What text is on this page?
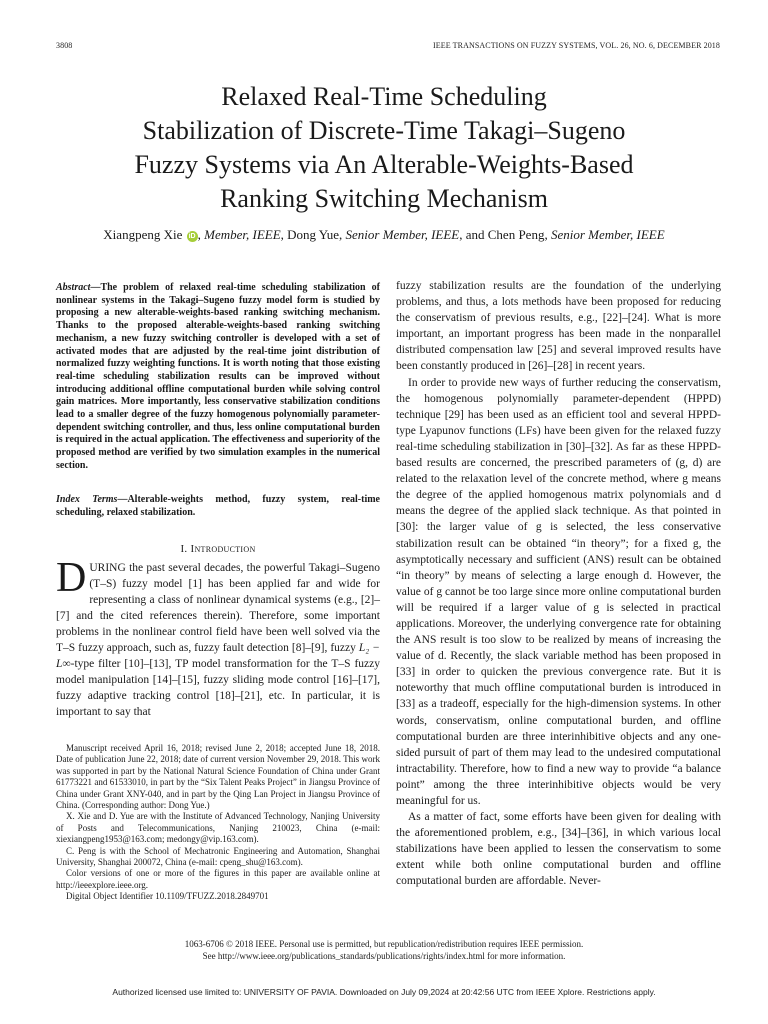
3808	IEEE TRANSACTIONS ON FUZZY SYSTEMS, VOL. 26, NO. 6, DECEMBER 2018
Relaxed Real-Time Scheduling
Stabilization of Discrete-Time Takagi–Sugeno
Fuzzy Systems via An Alterable-Weights-Based
Ranking Switching Mechanism
Xiangpeng Xie iD , Member, IEEE, Dong Yue, Senior Member, IEEE, and Chen Peng, Senior Member, IEEE
Abstract—The problem of relaxed real-time scheduling stabilization of nonlinear systems in the Takagi–Sugeno fuzzy model form is studied by proposing a new alterable-weights-based ranking switching mechanism. Thanks to the proposed alterable-weights-based ranking switching mechanism, a new fuzzy switching controller is developed with a set of activated modes that are adjusted by the real-time joint distribution of normalized fuzzy weighting functions. It is worth noting that those existing real-time scheduling stabilization results can be improved without introducing additional offline computational burden while solving control gain matrices. More importantly, less conservative stabilization conditions lead to a smaller degree of the fuzzy homogenous polynomially parameter-dependent switching controller, and thus, less online computational burden is required in the actual application. The effectiveness and superiority of the proposed method are verified by two simulation examples in the numerical section.
Index Terms—Alterable-weights method, fuzzy system, real-time scheduling, relaxed stabilization.
I. Introduction
DURING the past several decades, the powerful Takagi–Sugeno (T–S) fuzzy model [1] has been applied far and wide for representing a class of nonlinear dynamical systems (e.g., [2]–[7] and the cited references therein). Therefore, some important problems in the nonlinear control field have been well solved via the T–S fuzzy approach, such as, fuzzy fault detection [8]–[9], fuzzy L₂ − L∞-type filter [10]–[13], TP model transformation for the T–S fuzzy model manipulation [14]–[15], fuzzy sliding mode control [16]–[17], fuzzy adaptive tracking control [18]–[21], etc. In particular, it is important to say that

Manuscript received April 16, 2018; revised June 2, 2018; accepted June 18, 2018. Date of publication June 22, 2018; date of current version November 29, 2018. This work was supported in part by the National Natural Science Foundation of China under Grant 61773221 and 61533010, in part by the “Six Talent Peaks Project” in Jiangsu Province of China under Grant XNY-040, and in part by the Qing Lan Project in Jiangsu Province of China. (Corresponding author: Dong Yue.)

X. Xie and D. Yue are with the Institute of Advanced Technology, Nanjing University of Posts and Telecommunications, Nanjing 210023, China (e-mail: xiexiangpeng1953@163.com; medongy@vip.163.com).

C. Peng is with the School of Mechatronic Engineering and Automation, Shanghai University, Shanghai 200072, China (e-mail: cpeng_shu@163.com).

Color versions of one or more of the figures in this paper are available online at http://ieeexplore.ieee.org.

Digital Object Identifier 10.1109/TFUZZ.2018.2849701

fuzzy stabilization results are the foundation of the underlying problems, and thus, a lots methods have been proposed for reducing the conservatism of previous results, e.g., [22]–[24]. What is more important, an important progress has been made in the nonparallel distributed compensation law [25] and several improved results have been constantly produced in [26]–[28] in recent years.

In order to provide new ways of further reducing the conservatism, the homogenous polynomially parameter-dependent (HPPD) technique [29] has been used as an efficient tool and several HPPD-type Lyapunov functions (LFs) have been given for the relaxed fuzzy real-time scheduling stabilization in [30]–[32]. As far as these HPPD-based results are concerned, the prescribed parameters of (g, d) are related to the relaxation level of the concrete method, where g means the degree of the applied homogenous matrix polynomials and d means the degree of the applied slack technique. As that pointed in [30]: the larger value of g is selected, the less conservative stabilization result can be obtained “in theory”; for a fixed g, the asymptotically necessary and sufficient (ANS) result can be obtained “in theory” by means of selecting a large enough d. However, the value of g cannot be too large since more online computational burden will be required if a larger value of g is selected in practical applications. Moreover, the underlying convergence rate for obtaining the ANS result is too slow to be realized by means of increasing the value of d. Recently, the slack variable method has been proposed in [33] in order to quicken the previous convergence rate. But it is noteworthy that much offline computational burden is introduced in [33] as a tradeoff, especially for the high-dimension systems. In other words, conservatism, online computational burden, and offline computational burden are three interinhibitive objects and any one-sided pursuit of part of them may lead to the undesired computational intractability. Therefore, how to find a new way to provide “a balance point” among the three interinhibitive objects would be very meaningful for us.

As a matter of fact, some efforts have been given for dealing with the aforementioned problem, e.g., [34]–[36], in which various local stabilizations have been applied to lessen the conservatism to some extent while both online computational burden and offline computational burden are affordable. Never-

1063-6706 © 2018 IEEE. Personal use is permitted, but republication/redistribution requires IEEE permission.
See http://www.ieee.org/publications_standards/publications/rights/index.html for more information.
Authorized licensed use limited to: UNIVERSITY OF PAVIA. Downloaded on July 09,2024 at 20:42:56 UTC from IEEE Xplore. Restrictions apply.
